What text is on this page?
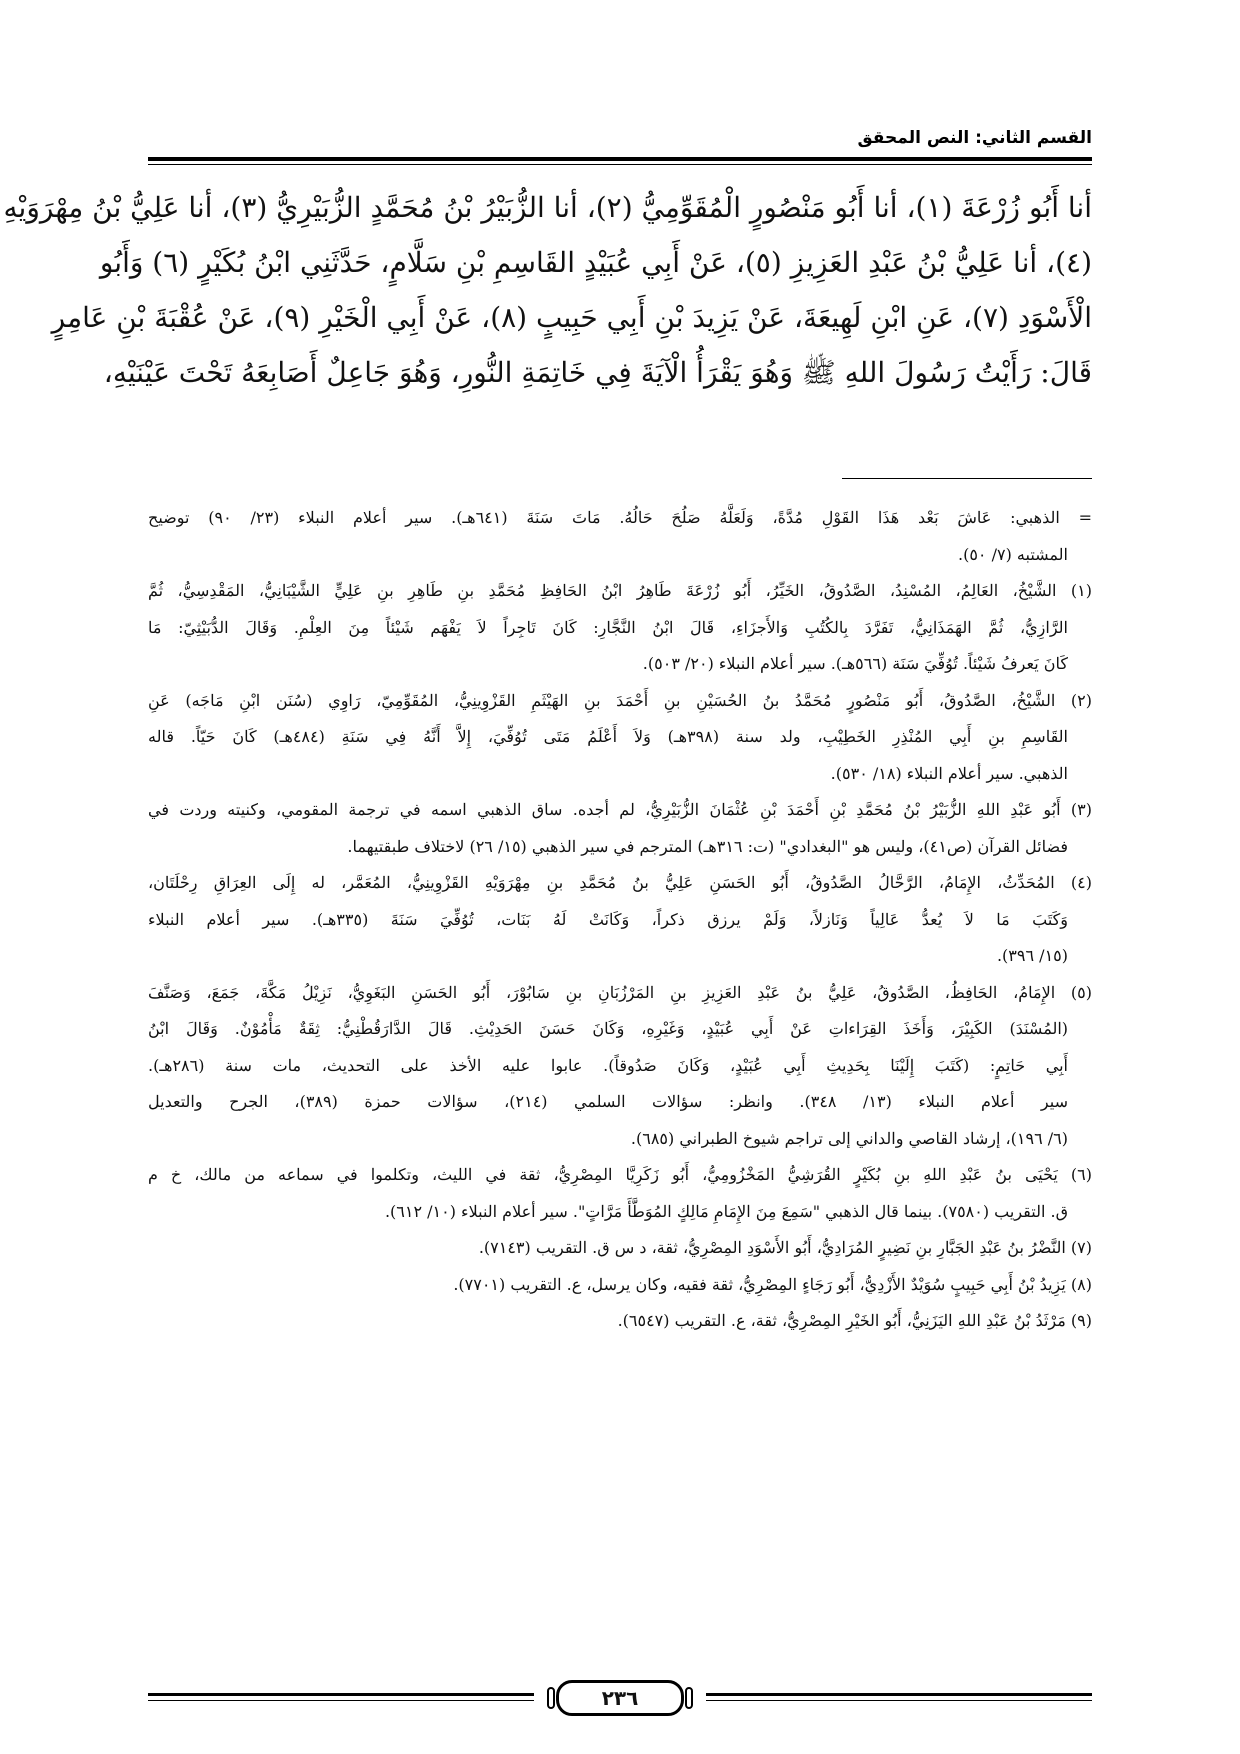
القسم الثاني: النص المحقق
أنا أَبُو زُرْعَةَ (١)، أنا أَبُو مَنْصُورٍ الْمُقَوِّمِيُّ (٢)، أنا الزُّبَيْرُ بْنُ مُحَمَّدٍ الزُّبَيْرِيُّ (٣)، أنا عَلِيُّ بْنُ مِهْرَوَيْهِ
(٤)، أنا عَلِيُّ بْنُ عَبْدِ العَزِيزِ (٥)، عَنْ أَبِي عُبَيْدٍ القَاسِمِ بْنِ سَلَّامٍ، حَدَّثَنِي ابْنُ بُكَيْرٍ (٦) وَأَبُو
الْأَسْوَدِ (٧)، عَنِ ابْنِ لَهِيعَةَ، عَنْ يَزِيدَ بْنِ أَبِي حَبِيبٍ (٨)، عَنْ أَبِي الْخَيْرِ (٩)، عَنْ عُقْبَةَ بْنِ عَامِرٍ
قَالَ: رَأَيْتُ رَسُولَ اللهِ ﷺ وَهُوَ يَقْرَأُ الْآيَةَ فِي خَاتِمَةِ النُّورِ، وَهُوَ جَاعِلٌ أَصَابِعَهُ تَحْتَ عَيْنَيْهِ،
= الذهبي: عَاشَ بَعْد هَذَا القَوْلِ مُدَّةً، وَلَعَلَّهُ صَلُحَ حَالُهُ. مَاتَ سَنَةَ (٦٤١هـ). سير أعلام النبلاء (٢٣/ ٩٠) توضيح
المشتبه (٧/ ٥٠).
(١) الشَّيْخُ، العَالِمُ، المُسْنِدُ، الصَّدُوقُ، الخَيِّرُ، أَبُو زُرْعَةَ طَاهِرُ ابْنُ الحَافِظِ مُحَمَّدِ بنِ طَاهِرِ بنِ عَلِيٍّ الشَّيْبَانِيُّ، المَقْدِسِيُّ، ثُمَّ
الرَّازِيُّ، ثُمَّ الهَمَذَانِيُّ، تَفَرَّدَ بِالكُتُبِ وَالأَجزَاءِ، قَالَ ابْنُ النَّجَّارِ: كَانَ تَاجِراً لاَ يَفْهَم شَيْئاً مِنَ العِلْمِ. وَقَالَ الدُّبَيْثِيّ: مَا
كَانَ يَعرفُ شَيْئاً. تُوُفِّيَ سَنَة (٥٦٦هـ). سير أعلام النبلاء (٢٠/ ٥٠٣).
(٢) الشَّيْخُ، الصَّدُوقُ، أَبُو مَنْصُورٍ مُحَمَّدُ بنُ الحُسَيْنِ بنِ أَحْمَدَ بنِ الهَيْثَمِ القَزْوِينِيُّ، المُقَوِّمِيّ، رَاوِي (سُنَن ابْنِ مَاجَه) عَنِ
القَاسِمِ بنِ أَبِي المُنْذِرِ الخَطِيْبِ، ولد سنة (٣٩٨هـ) وَلاَ أَعْلَمُ مَتَى تُوُفِّيَ، إِلاَّ أَنَّهُ فِي سَنَةِ (٤٨٤هـ) كَانَ حَيّاً. قاله
الذهبي. سير أعلام النبلاء (١٨/ ٥٣٠).
(٣) أَبُو عَبْدِ اللهِ الزُّبَيْرُ بْنُ مُحَمَّدِ بْنِ أَحْمَدَ بْنِ عُثْمَانَ الزُّبَيْرِيُّ، لم أجده. ساق الذهبي اسمه في ترجمة المقومي، وكنيته وردت في
فضائل القرآن (ص٤١)، وليس هو "البغدادي" (ت: ٣١٦هـ) المترجم في سير الذهبي (١٥/ ٢٦) لاختلاف طبقتيهما.
(٤) المُحَدِّثُ، الإِمَامُ، الرَّحَّالُ الصَّدُوقُ، أَبُو الحَسَنِ عَلِيُّ بنُ مُحَمَّدِ بنِ مِهْرَوَيْهِ القَزْوِينِيُّ، المُعَمَّر، له إِلَى العِرَاقِ رِحْلَتَان،
وَكَتَبَ مَا لاَ يُعدُّ عَالِياً وَنَازلاً، وَلَمْ يرزق ذكراً، وَكَانَتْ لَهُ بَنَات، تُوُفِّيَ سَنَةَ (٣٣٥هـ). سير أعلام النبلاء
(١٥/ ٣٩٦).
(٥) الإِمَامُ، الحَافِظُ، الصَّدُوقُ، عَلِيُّ بنُ عَبْدِ العَزِيزِ بنِ المَرْزُبَانِ بنِ سَابُوْرَ، أَبُو الحَسَنِ البَغَوِيُّ، نَزِيْلُ مَكَّةَ، جَمَعَ، وَصَنَّفَ
(المُسْنَدَ) الكَبِيْرَ، وَأَخَذَ القِرَاءاتِ عَنْ أَبِي عُبَيْدٍ، وَغَيْرِهِ، وَكَانَ حَسَنَ الحَدِيْثِ. قَالَ الدَّارَقُطْنِيُّ: ثِقَةٌ مَأْمُوْنٌ. وَقَالَ ابْنُ
أَبِي حَاتِمٍ: (كَتَبَ إِلَيْنَا بِحَدِيثِ أَبِي عُبَيْدٍ، وَكَانَ صَدُوقاً). عابوا عليه الأخذ على التحديث، مات سنة (٢٨٦هـ).
سير أعلام النبلاء (١٣/ ٣٤٨). وانظر: سؤالات السلمي (٢١٤)، سؤالات حمزة (٣٨٩)، الجرح والتعديل
(٦/ ١٩٦)، إرشاد القاصي والداني إلى تراجم شيوخ الطبراني (٦٨٥).
(٦) يَحْيَى بنُ عَبْدِ اللهِ بنِ بُكَيْرٍ القُرَشِيُّ المَخْزُومِيُّ، أَبُو زَكَرِيَّا المِصْرِيُّ، ثقة في الليث، وتكلموا في سماعه من مالك، خ م
ق. التقريب (٧٥٨٠). بينما قال الذهبي "سَمِعَ مِنَ الإِمَامِ مَالِكٍ المُوَطَّأَ مَرَّاتٍ". سير أعلام النبلاء (١٠/ ٦١٢).
(٧) النَّضْرُ بنُ عَبْدِ الجَبَّارِ بنِ نَضِيرٍ المُرَادِيُّ، أَبُو الأَسْوَدِ المِصْرِيُّ، ثقة، د س ق. التقريب (٧١٤٣).
(٨) يَزِيدُ بْنُ أَبِي حَبِيبٍ سُوَيْدٌ الأَزْدِيُّ، أَبُو رَجَاءٍ المِصْرِيُّ، ثقة فقيه، وكان يرسل، ع. التقريب (٧٧٠١).
(٩) مَرْثَدُ بْنُ عَبْدِ اللهِ اليَزَنِيُّ، أَبُو الخَيْرِ المِصْرِيُّ، ثقة، ع. التقريب (٦٥٤٧).
٢٣٦
